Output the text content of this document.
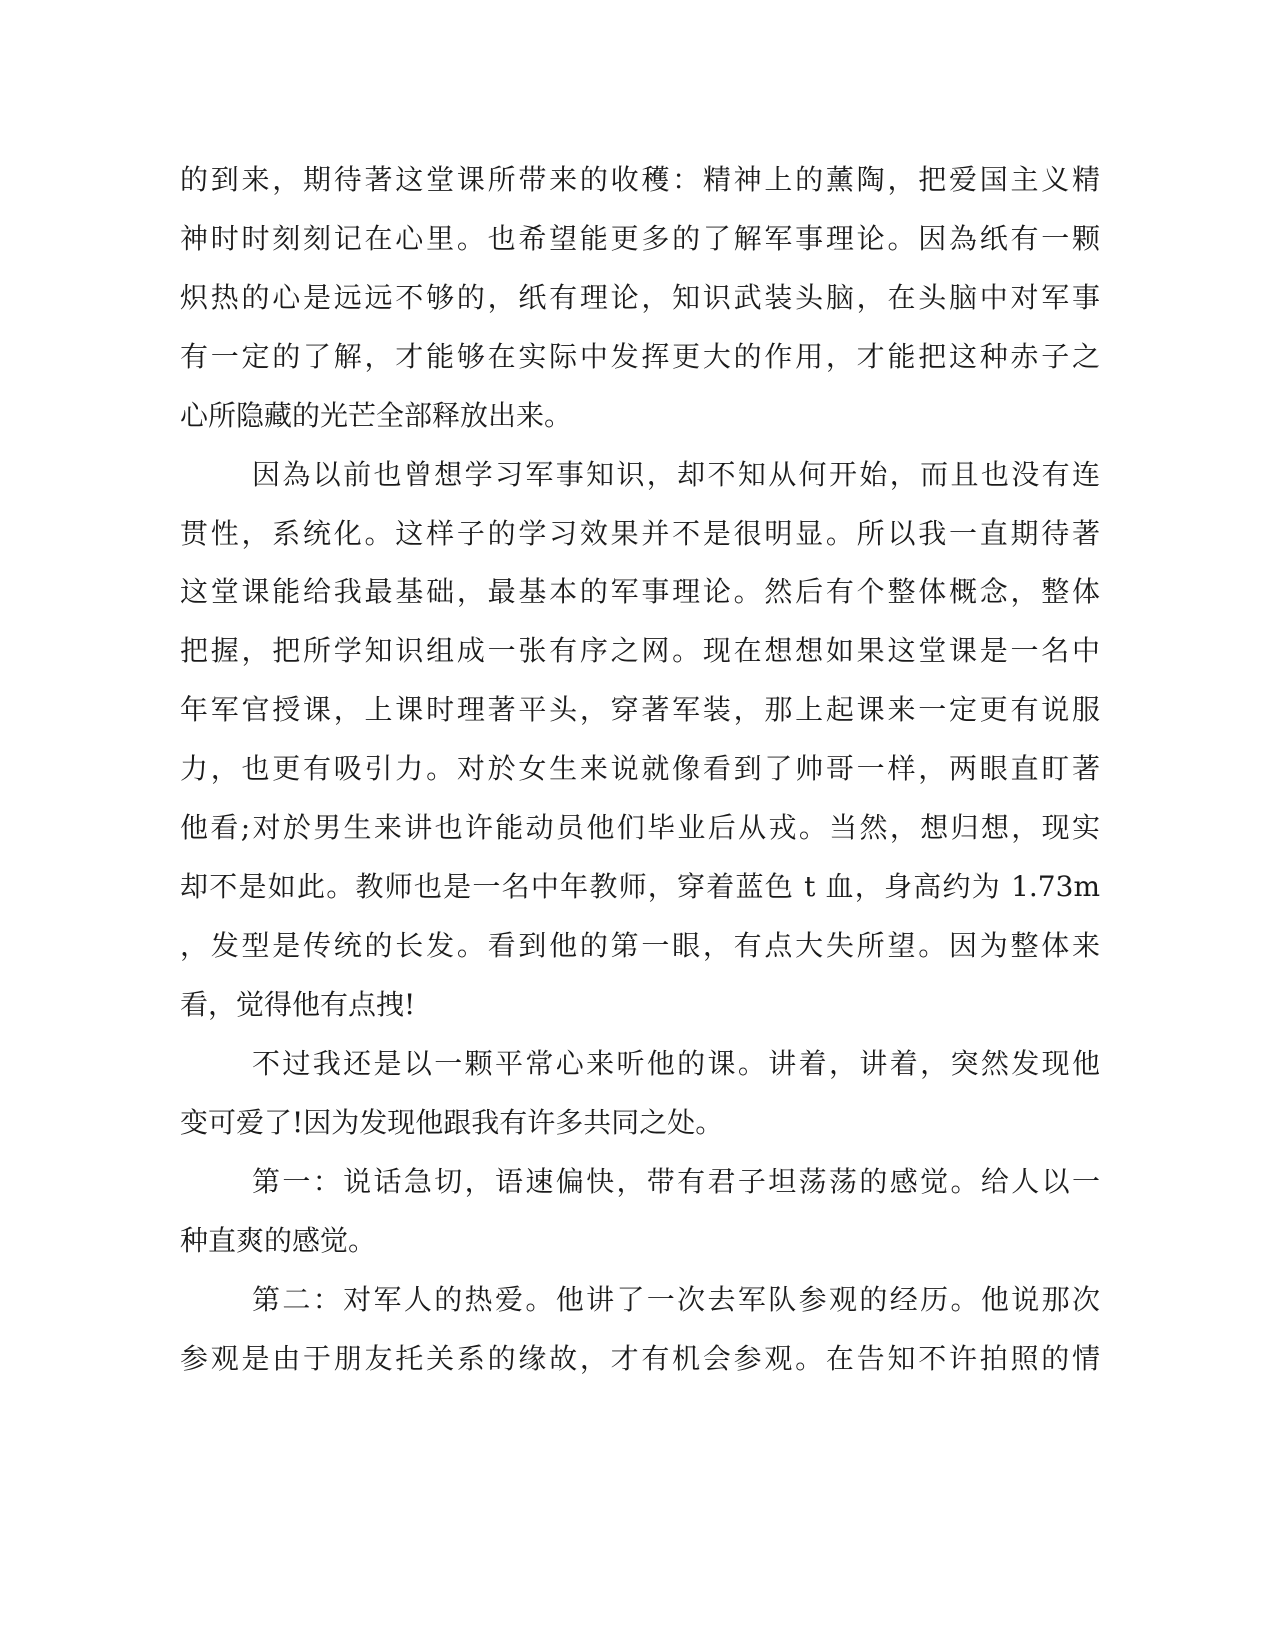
的到来，期待著这堂课所带来的收穫：精神上的薰陶，把爱国主义精
神时时刻刻记在心里。也希望能更多的了解军事理论。因為纸有一颗
炽热的心是远远不够的，纸有理论，知识武装头脑，在头脑中对军事
有一定的了解，才能够在实际中发挥更大的作用，才能把这种赤子之
心所隐藏的光芒全部释放出来。
因為以前也曾想学习军事知识，却不知从何开始，而且也没有连
贯性，系统化。这样子的学习效果并不是很明显。所以我一直期待著
这堂课能给我最基础，最基本的军事理论。然后有个整体概念，整体
把握，把所学知识组成一张有序之网。现在想想如果这堂课是一名中
年军官授课，上课时理著平头，穿著军装，那上起课来一定更有说服
力，也更有吸引力。对於女生来说就像看到了帅哥一样，两眼直盯著
他看;对於男生来讲也许能动员他们毕业后从戎。当然，想归想，现实
却不是如此。教师也是一名中年教师，穿着蓝色 t 血，身高约为 1.73m
，发型是传统的长发。看到他的第一眼，有点大失所望。因为整体来
看，觉得他有点拽!
不过我还是以一颗平常心来听他的课。讲着，讲着，突然发现他
变可爱了!因为发现他跟我有许多共同之处。
第一：说话急切，语速偏快，带有君子坦荡荡的感觉。给人以一
种直爽的感觉。
第二：对军人的热爱。他讲了一次去军队参观的经历。他说那次
参观是由于朋友托关系的缘故，才有机会参观。在告知不许拍照的情
